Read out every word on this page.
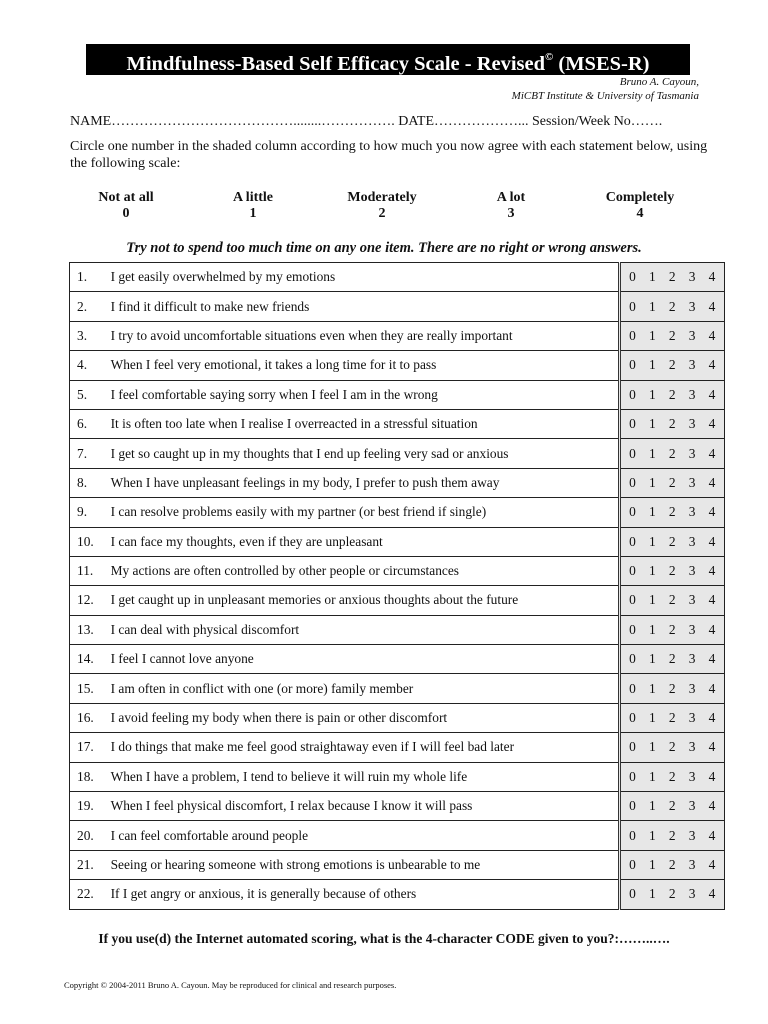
Mindfulness-Based Self Efficacy Scale - Revised© (MSES-R)
Bruno A. Cayoun,
MiCBT Institute & University of Tasmania
NAME…………………………………........……………. DATE………………... Session/Week No…….
Circle one number in the shaded column according to how much you now agree with each statement below, using the following scale:
Not at all
0
A little
1
Moderately
2
A lot
3
Completely
4
Try not to spend too much time on any one item. There are no right or wrong answers.
1.	I get easily overwhelmed by my emotions	0 1 2 3 4

2.	I find it difficult to make new friends	0 1 2 3 4

3.	I try to avoid uncomfortable situations even when they are really important	0 1 2 3 4

4.	When I feel very emotional, it takes a long time for it to pass	0 1 2 3 4

5.	I feel comfortable saying sorry when I feel I am in the wrong	0 1 2 3 4

6.	It is often too late when I realise I overreacted in a stressful situation	0 1 2 3 4

7.	I get so caught up in my thoughts that I end up feeling very sad or anxious	0 1 2 3 4

8.	When I have unpleasant feelings in my body, I prefer to push them away	0 1 2 3 4

9.	I can resolve problems easily with my partner (or best friend if single)	0 1 2 3 4

10.	I can face my thoughts, even if they are unpleasant	0 1 2 3 4

11.	My actions are often controlled by other people or circumstances	0 1 2 3 4

12.	I get caught up in unpleasant memories or anxious thoughts about the future	0 1 2 3 4

13.	I can deal with physical discomfort	0 1 2 3 4

14.	I feel I cannot love anyone	0 1 2 3 4

15.	I am often in conflict with one (or more) family member	0 1 2 3 4

16.	I avoid feeling my body when there is pain or other discomfort	0 1 2 3 4

17.	I do things that make me feel good straightaway even if I will feel bad later	0 1 2 3 4

18.	When I have a problem, I tend to believe it will ruin my whole life	0 1 2 3 4

19.	When I feel physical discomfort, I relax because I know it will pass	0 1 2 3 4

20.	I can feel comfortable around people	0 1 2 3 4

21.	Seeing or hearing someone with strong emotions is unbearable to me	0 1 2 3 4

22.	If I get angry or anxious, it is generally because of others	0 1 2 3 4
If you use(d) the Internet automated scoring, what is the 4-character CODE given to you?:……..….
Copyright © 2004-2011 Bruno A. Cayoun. May be reproduced for clinical and research purposes.
